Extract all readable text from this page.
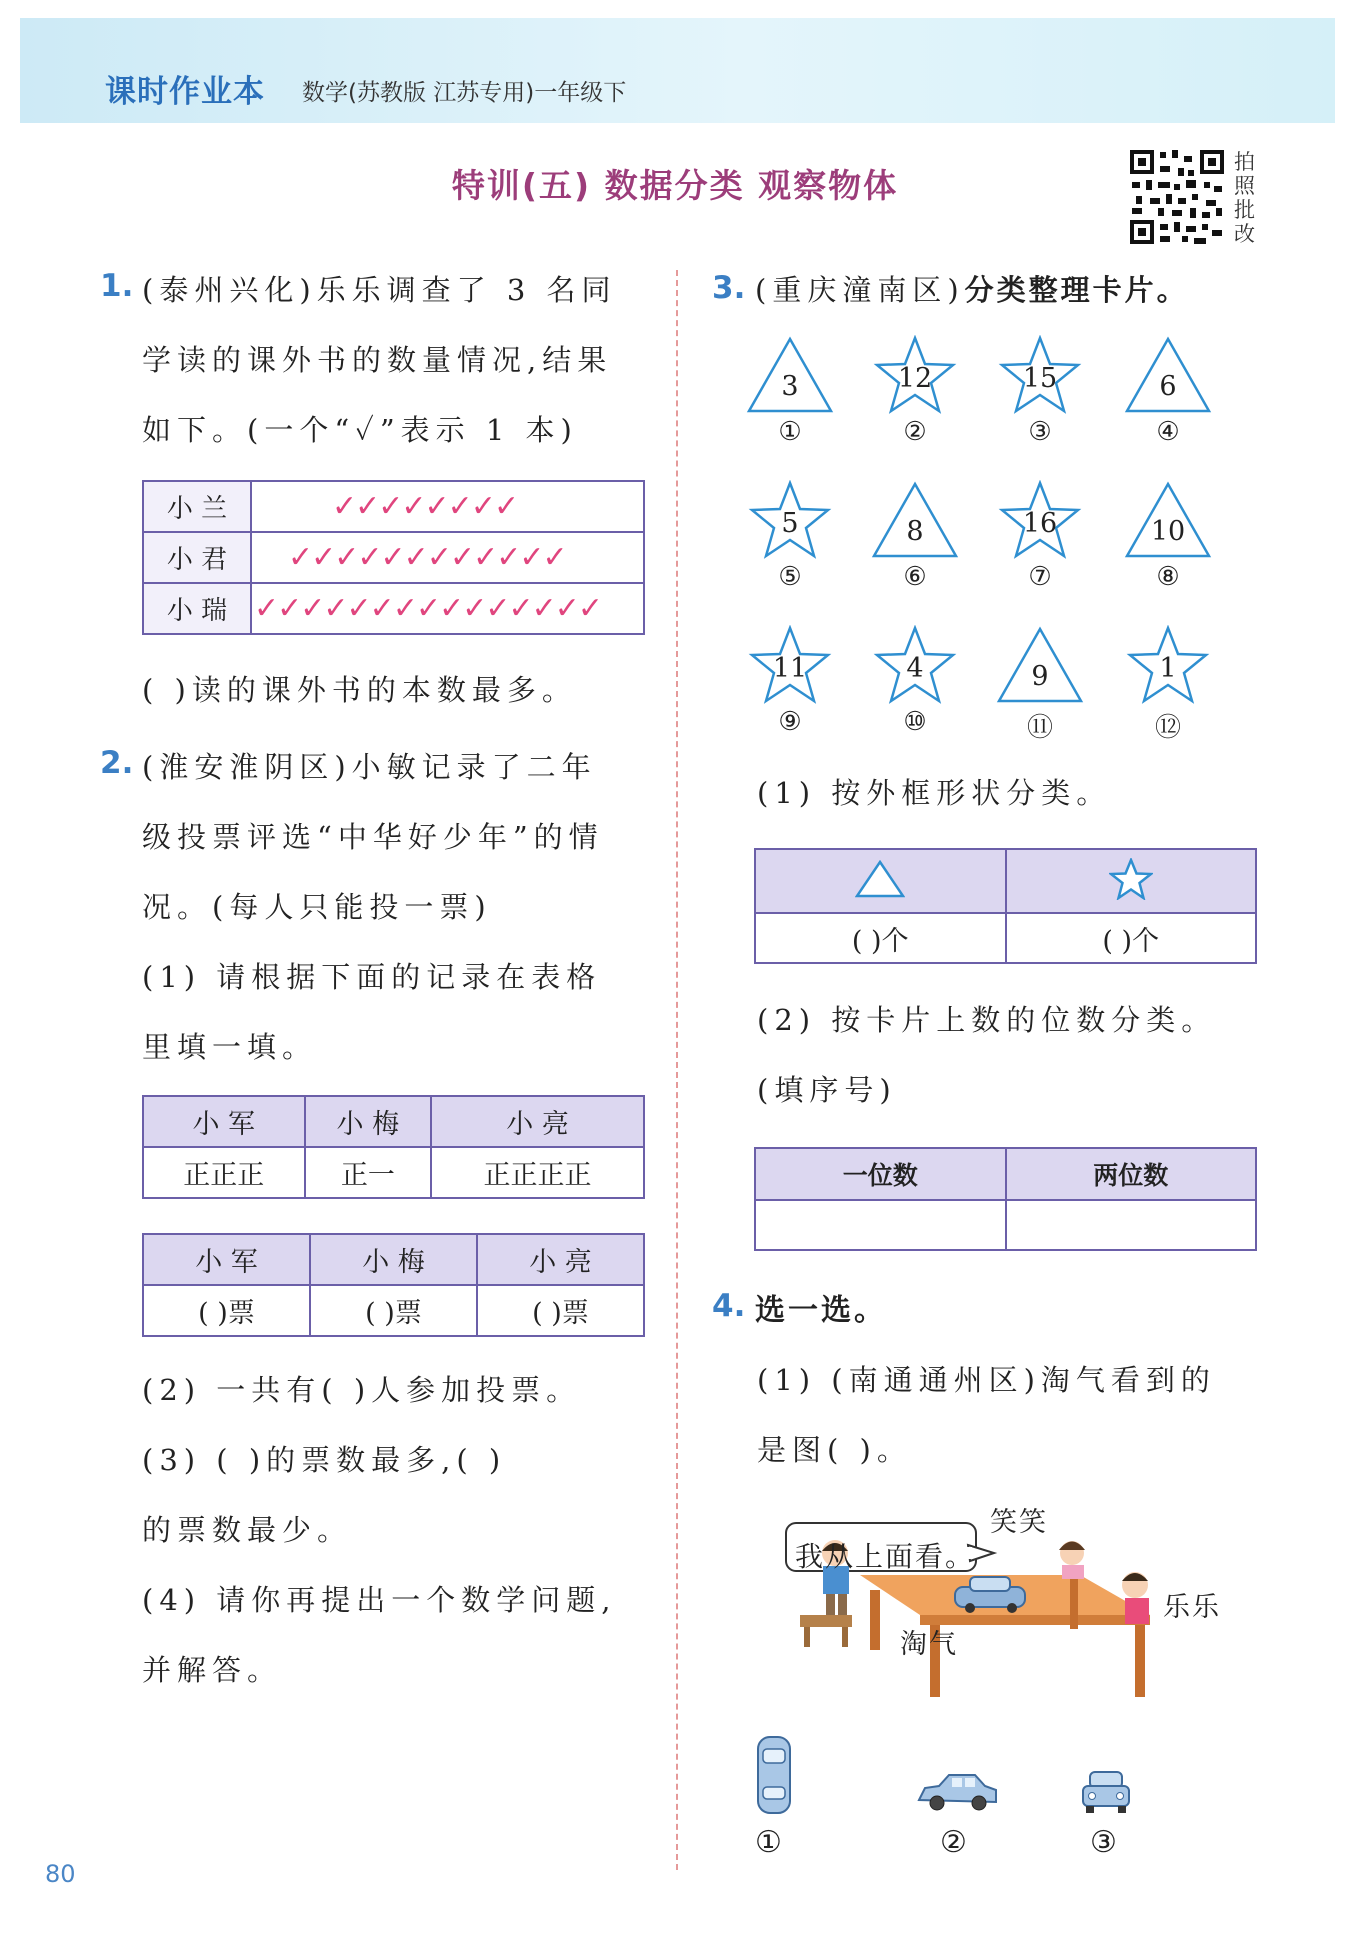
课时作业本 数学(苏教版 江苏专用)一年级下
特训(五) 数据分类 观察物体
拍照批改
1. (泰州兴化)乐乐调查了 3 名同
学读的课外书的数量情况,结果
如下。(一个“✓”表示 1 本)
小 兰	✓✓✓✓✓✓✓✓
小 君	✓✓✓✓✓✓✓✓✓✓✓✓
小 瑞	✓✓✓✓✓✓✓✓✓✓✓✓✓✓✓
( )读的课外书的本数最多。
2. (淮安淮阴区)小敏记录了二年
级投票评选“中华好少年”的情
况。(每人只能投一票)
(1) 请根据下面的记录在表格
里填一填。
小 军	小 梅	小 亮
正正正	正一	正正正正
小 军	小 梅	小 亮
( )票	( )票	( )票
(2) 一共有( )人参加投票。
(3) ( )的票数最多,( )
的票数最少。
(4) 请你再提出一个数学问题,
并解答。
3. (重庆潼南区)分类整理卡片。
3
①
12
②
15
③
6
④
5
⑤
8
⑥
16
⑦
10
⑧
11
⑨
4
⑩
9
⑪
1
⑫
(1) 按外框形状分类。

( )个	( )个
(2) 按卡片上数的位数分类。
(填序号)
一位数	两位数

4. 选一选。
(1) (南通通州区)淘气看到的
是图( )。
我从上面看。
笑笑
乐乐
淘气
①	②	③
80
